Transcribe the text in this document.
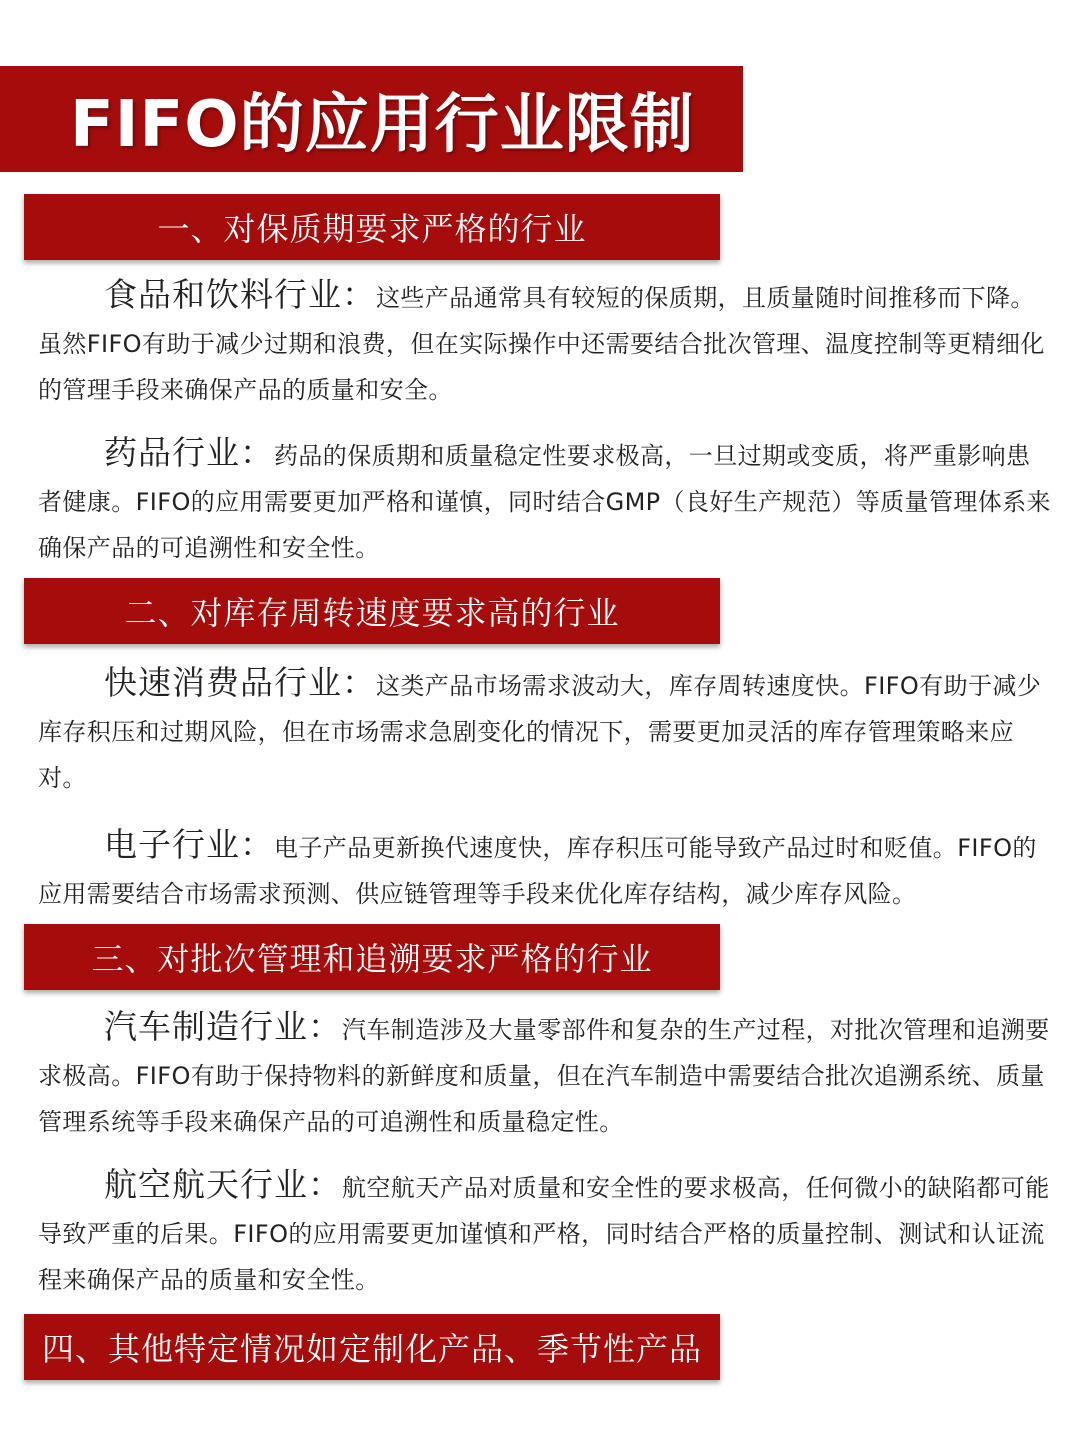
FIFO的应用行业限制
一、对保质期要求严格的行业

食品和饮料行业：这些产品通常具有较短的保质期，且质量随时间推移而下降。虽然FIFO有助于减少过期和浪费，但在实际操作中还需要结合批次管理、温度控制等更精细化的管理手段来确保产品的质量和安全。

药品行业：药品的保质期和质量稳定性要求极高，一旦过期或变质，将严重影响患者健康。FIFO的应用需要更加严格和谨慎，同时结合GMP（良好生产规范）等质量管理体系来确保产品的可追溯性和安全性。

二、对库存周转速度要求高的行业

快速消费品行业：这类产品市场需求波动大，库存周转速度快。FIFO有助于减少库存积压和过期风险，但在市场需求急剧变化的情况下，需要更加灵活的库存管理策略来应对。

电子行业：电子产品更新换代速度快，库存积压可能导致产品过时和贬值。FIFO的应用需要结合市场需求预测、供应链管理等手段来优化库存结构，减少库存风险。

三、对批次管理和追溯要求严格的行业

汽车制造行业：汽车制造涉及大量零部件和复杂的生产过程，对批次管理和追溯要求极高。FIFO有助于保持物料的新鲜度和质量，但在汽车制造中需要结合批次追溯系统、质量管理系统等手段来确保产品的可追溯性和质量稳定性。

航空航天行业：航空航天产品对质量和安全性的要求极高，任何微小的缺陷都可能导致严重的后果。FIFO的应用需要更加谨慎和严格，同时结合严格的质量控制、测试和认证流程来确保产品的质量和安全性。

四、其他特定情况如定制化产品、季节性产品
